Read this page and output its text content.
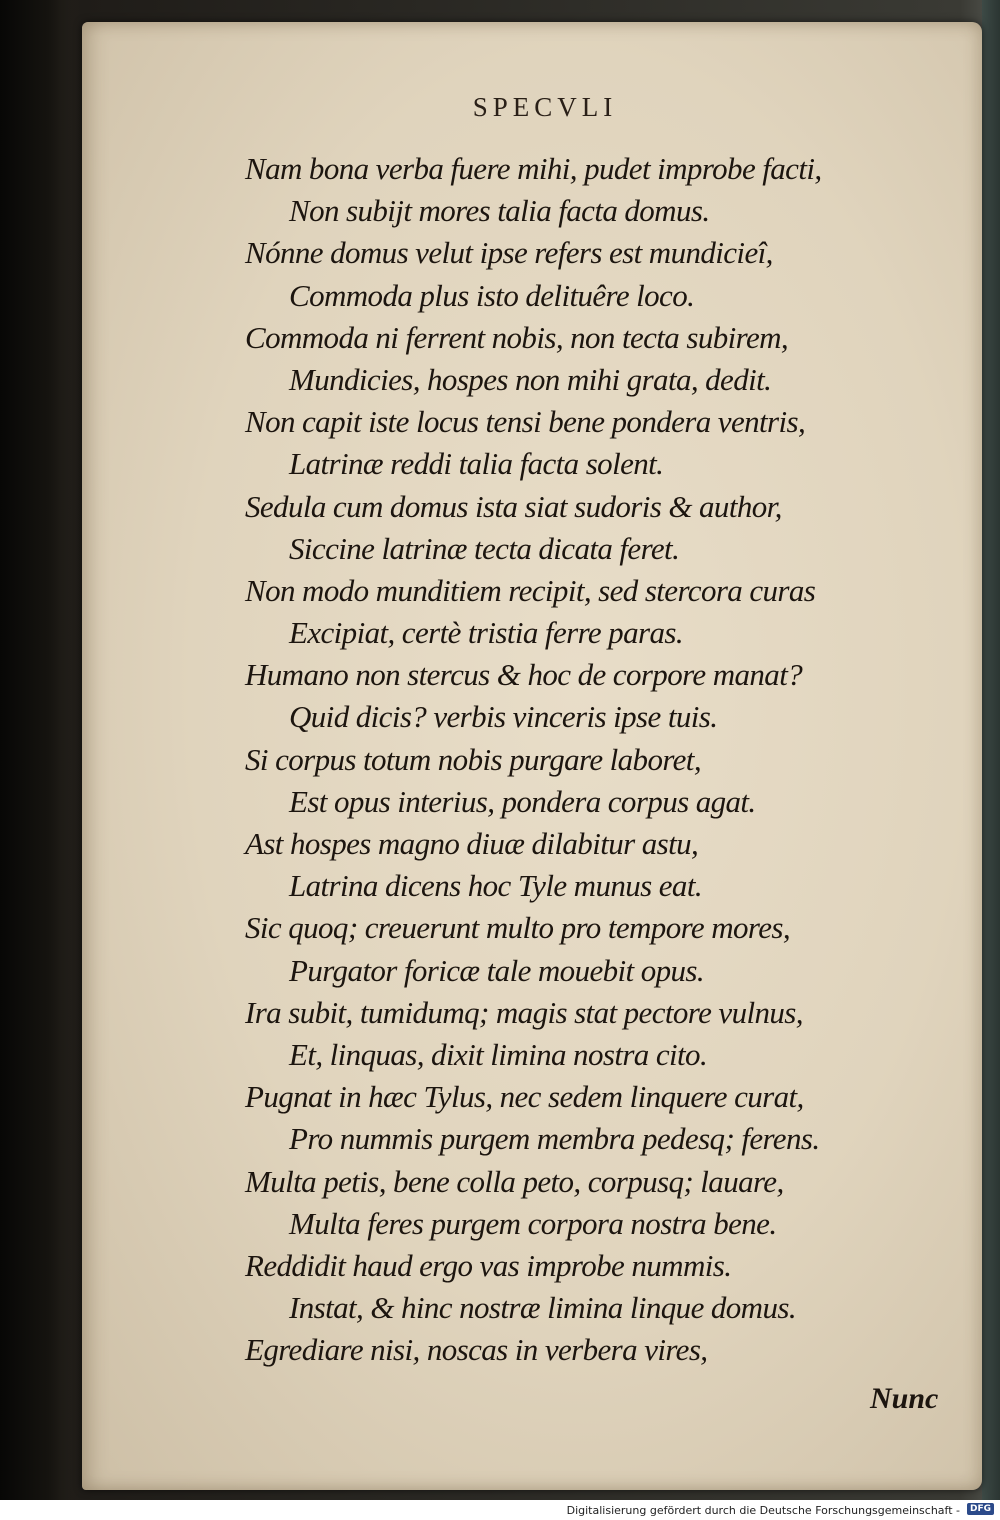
SPECVLI
Nam bona verba fuere mihi, pudet improbe facti,
Non subijt mores talia facta domus.
Nónne domus velut ipse refers est mundicieî,
Commoda plus isto delituêre loco.
Commoda ni ferrent nobis, non tecta subirem,
Mundicies, hospes non mihi grata, dedit.
Non capit iste locus tensi bene pondera ventris,
Latrinæ reddi talia facta solent.
Sedula cum domus ista siat sudoris & author,
Siccine latrinæ tecta dicata feret.
Non modo munditiem recipit, sed stercora curas
Excipiat, certè tristia ferre paras.
Humano non stercus & hoc de corpore manat?
Quid dicis? verbis vinceris ipse tuis.
Si corpus totum nobis purgare laboret,
Est opus interius, pondera corpus agat.
Ast hospes magno diuæ dilabitur astu,
Latrina dicens hoc Tyle munus eat.
Sic quoq; creuerunt multo pro tempore mores,
Purgator foricæ tale mouebit opus.
Ira subit, tumidumq; magis stat pectore vulnus,
Et, linquas, dixit limina nostra cito.
Pugnat in hæc Tylus, nec sedem linquere curat,
Pro nummis purgem membra pedesq; ferens.
Multa petis, bene colla peto, corpusq; lauare,
Multa feres purgem corpora nostra bene.
Reddidit haud ergo vas improbe nummis.
Instat, & hinc nostræ limina linque domus.
Egrediare nisi, noscas in verbera vires,
Nunc
Digitalisierung gefördert durch die Deutsche Forschungsgemeinschaft -	DFG
